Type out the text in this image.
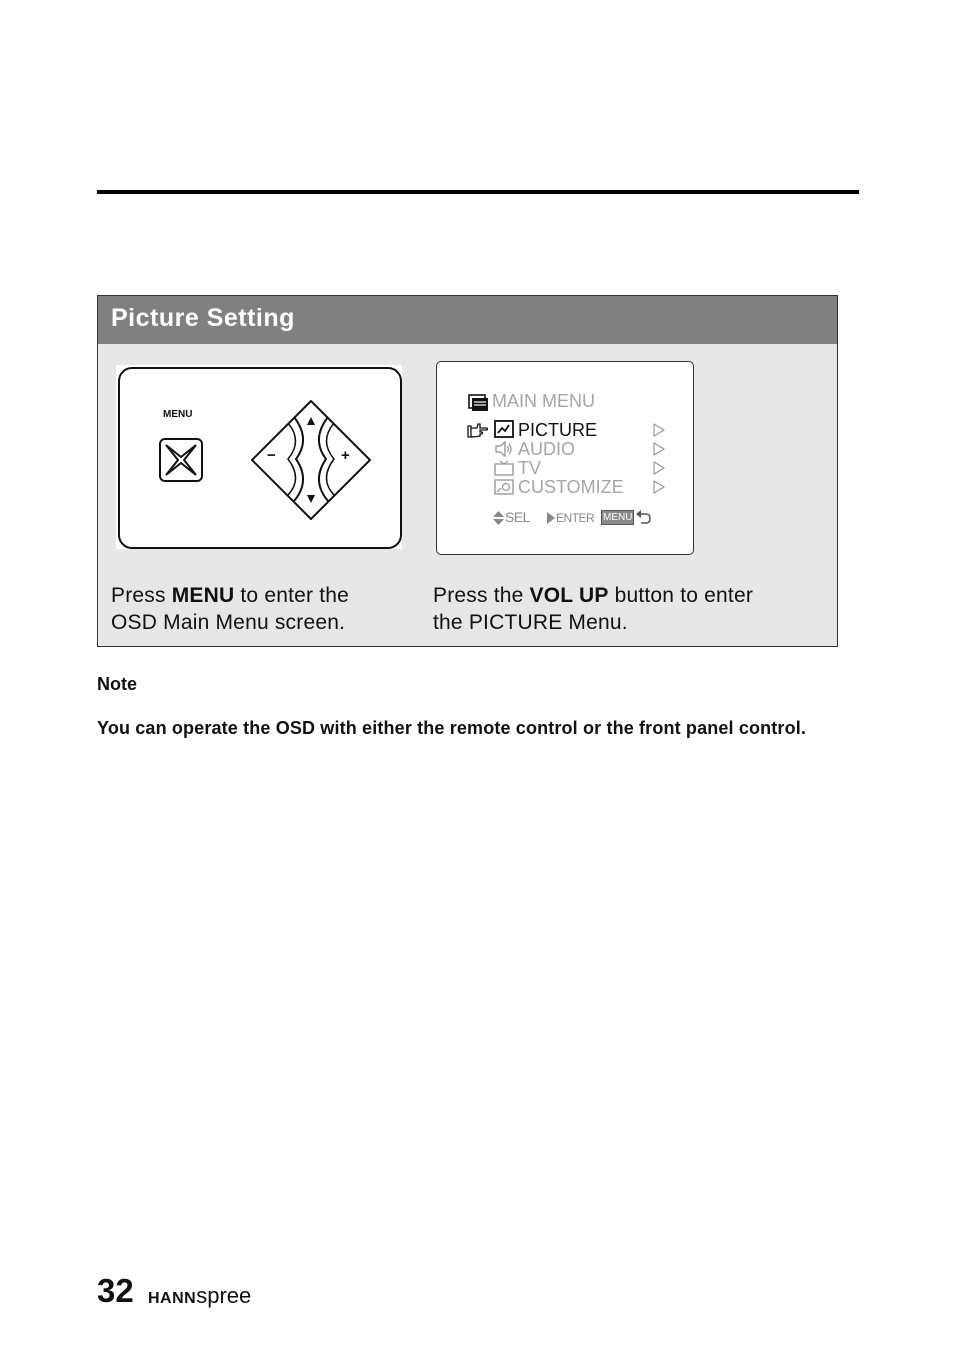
Picture Setting
MENU
−	+
MAIN MENU
PICTURE
AUDIO
TV
CUSTOMIZE
SEL ENTER MENU
Press MENU to enter the
OSD Main Menu screen.
Press the VOL UP button to enter
the PICTURE Menu.
Note
You can operate the OSD with either the remote control or the front panel control.
32 HANNspree
